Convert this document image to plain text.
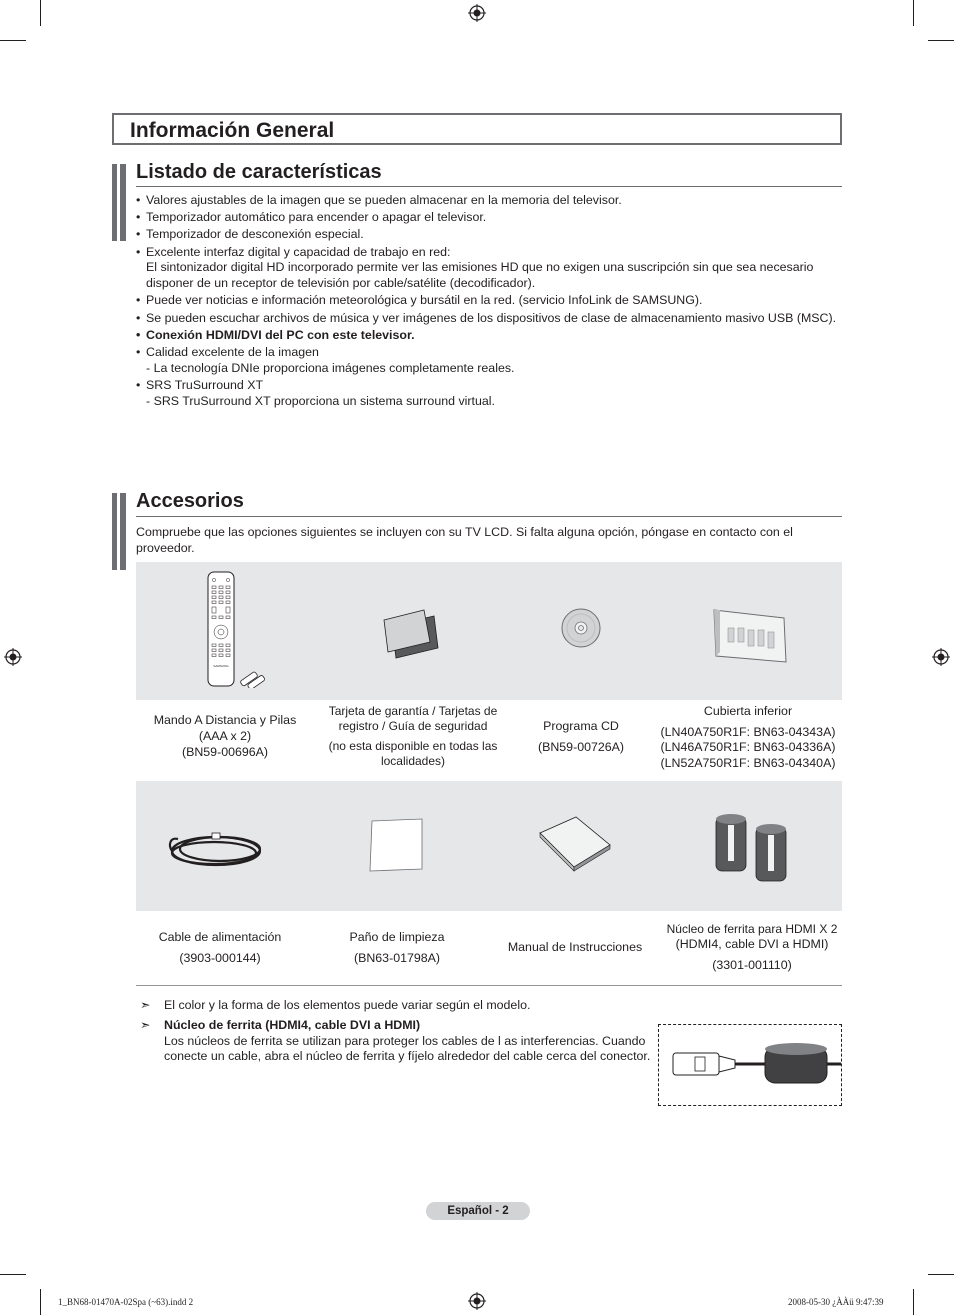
Información General
Listado de características
• Valores ajustables de la imagen que se pueden almacenar en la memoria del televisor.
• Temporizador automático para encender o apagar el televisor.
• Temporizador de desconexión especial.
• Excelente interfaz digital y capacidad de trabajo en red:
El sintonizador digital HD incorporado permite ver las emisiones HD que no exigen una suscripción sin que sea necesario disponer de un receptor de televisión por cable/satélite (decodificador).
• Puede ver noticias e información meteorológica y bursátil en la red. (servicio InfoLink de SAMSUNG).
• Se pueden escuchar archivos de música y ver imágenes de los dispositivos de clase de almacenamiento masivo USB (MSC).
• Conexión HDMI/DVI del PC con este televisor.
• Calidad excelente de la imagen
- La tecnología DNIe proporciona imágenes completamente reales.
• SRS TruSurround XT
- SRS TruSurround XT proporciona un sistema surround virtual.
Accesorios
Compruebe que las opciones siguientes se incluyen con su TV LCD. Si falta alguna opción, póngase en contacto con el proveedor.
SAMSUNG

Mando A Distancia y Pilas

(AAA x 2)

(BN59-00696A)

Tarjeta de garantía / Tarjetas de registro / Guía de seguridad

(no esta disponible en todas las localidades)

Programa CD

(BN59-00726A)

Cubierta inferior

(LN40A750R1F: BN63-04343A)

(LN46A750R1F: BN63-04336A)

(LN52A750R1F: BN63-04340A)

Cable de alimentación

(3903-000144)

Paño de limpieza

(BN63-01798A)

Manual de Instrucciones

Núcleo de ferrita para HDMI X 2

(HDMI4, cable DVI a HDMI)

(3301-001110)

➣ El color y la forma de los elementos puede variar según el modelo.
➣ Núcleo de ferrita (HDMI4, cable DVI a HDMI)
Los núcleos de ferrita se utilizan para proteger los cables de l as interferencias. Cuando conecte un cable, abra el núcleo de ferrita y fíjelo alrededor del cable cerca del conector.
Español - 2
1_BN68-01470A-02Spa (~63).indd 2	2008-05-30 ¿ÀÀü 9:47:39
